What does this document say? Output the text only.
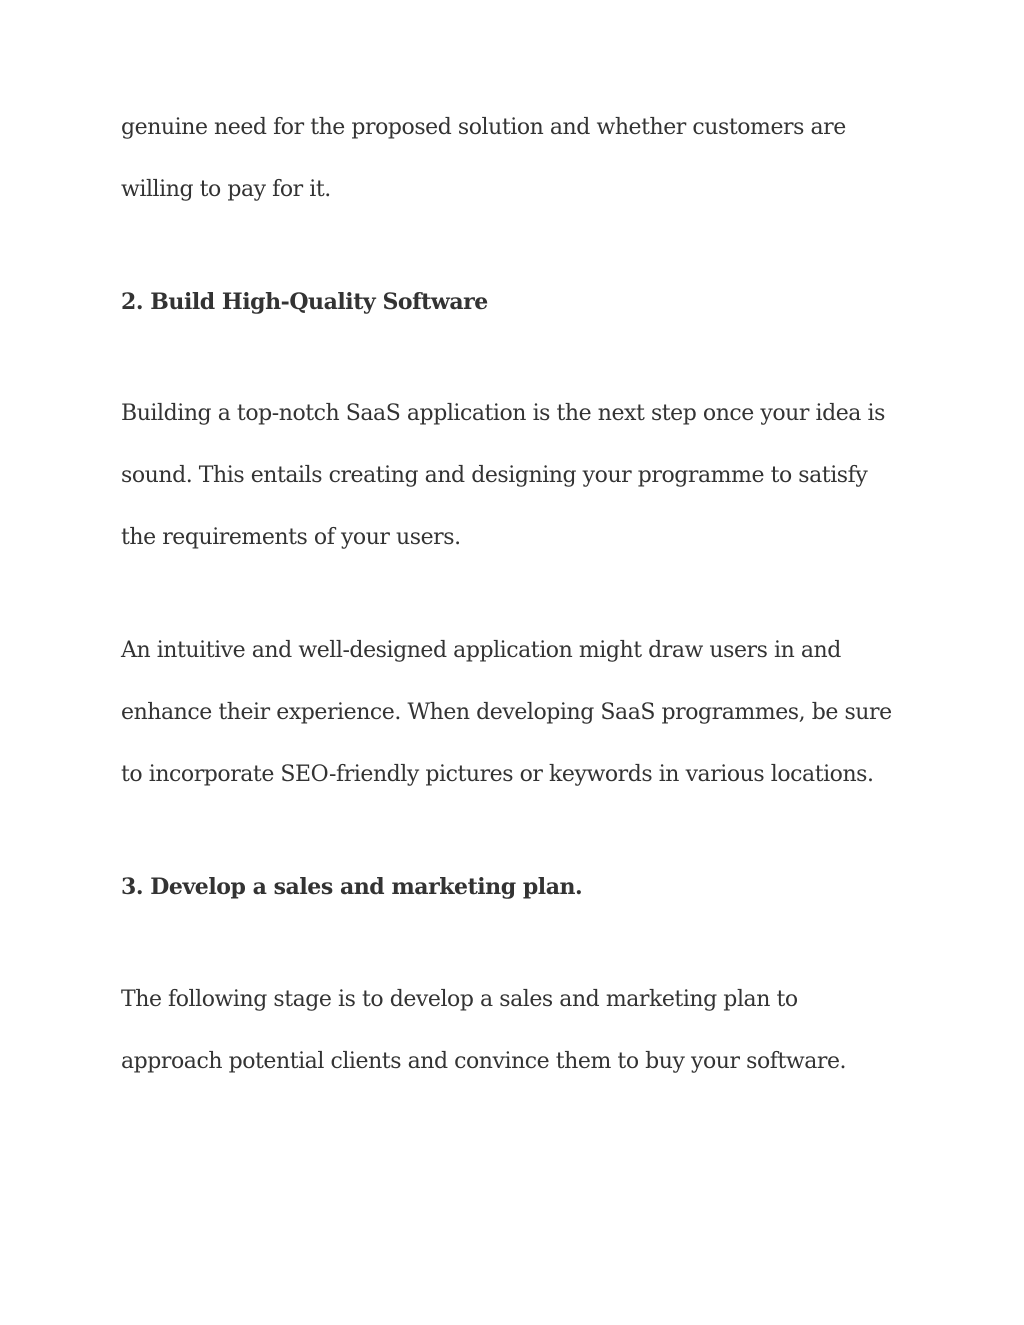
genuine need for the proposed solution and whether customers are

willing to pay for it.

2. Build High-Quality Software

Building a top-notch SaaS application is the next step once your idea is

sound. This entails creating and designing your programme to satisfy

the requirements of your users.

An intuitive and well-designed application might draw users in and

enhance their experience. When developing SaaS programmes, be sure

to incorporate SEO-friendly pictures or keywords in various locations.

3. Develop a sales and marketing plan.

The following stage is to develop a sales and marketing plan to

approach potential clients and convince them to buy your software.
